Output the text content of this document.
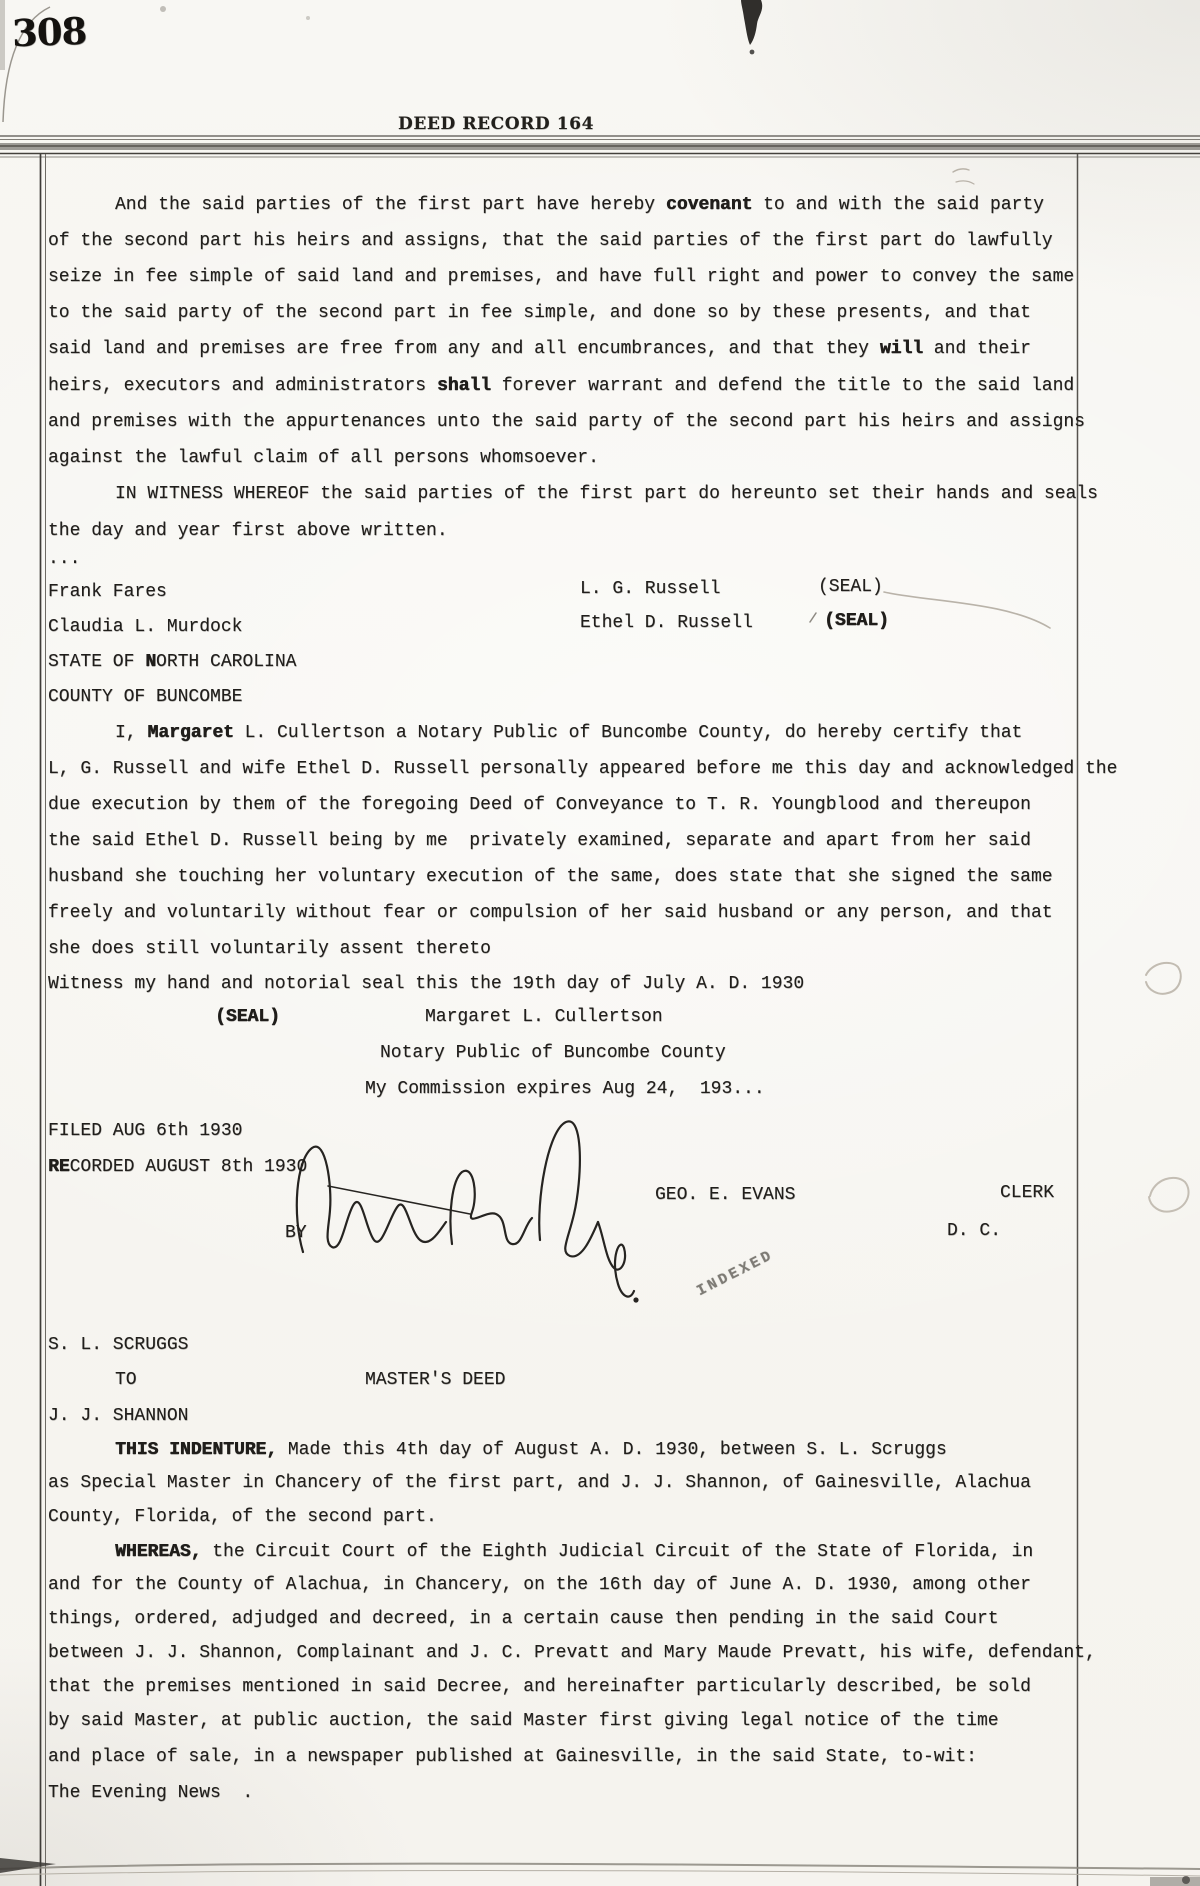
308
DEED RECORD 164
And the said parties of the first part have hereby covenant to and with the said party
of the second part his heirs and assigns, that the said parties of the first part do lawfully
seize in fee simple of said land and premises, and have full right and power to convey the same
to the said party of the second part in fee simple, and done so by these presents, and that
said land and premises are free from any and all encumbrances, and that they will and their
heirs, executors and administrators shall forever warrant and defend the title to the said land
and premises with the appurtenances unto the said party of the second part his heirs and assigns
against the lawful claim of all persons whomsoever.
IN WITNESS WHEREOF the said parties of the first part do hereunto set their hands and seals
the day and year first above written.
...
Frank Fares	L. G. Russell	(SEAL)
Claudia L. Murdock	Ethel D. Russell	(SEAL)
STATE OF NORTH CAROLINA
COUNTY OF BUNCOMBE
I, Margaret L. Cullertson a Notary Public of Buncombe County, do hereby certify that
L, G. Russell and wife Ethel D. Russell personally appeared before me this day and acknowledged the
due execution by them of the foregoing Deed of Conveyance to T. R. Youngblood and thereupon
the said Ethel D. Russell being by me  privately examined, separate and apart from her said
husband she touching her voluntary execution of the same, does state that she signed the same
freely and voluntarily without fear or compulsion of her said husband or any person, and that
she does still voluntarily assent thereto
Witness my hand and notorial seal this the 19th day of July A. D. 1930
(SEAL)	Margaret L. Cullertson
Notary Public of Buncombe County
My Commission expires Aug 24,  193...
FILED AUG 6th 1930
RECORDED AUGUST 8th 1930
GEO. E. EVANS	CLERK
BY	D. C.
S. L. SCRUGGS
TO	MASTER'S DEED
J. J. SHANNON
THIS INDENTURE, Made this 4th day of August A. D. 1930, between S. L. Scruggs
as Special Master in Chancery of the first part, and J. J. Shannon, of Gainesville, Alachua
County, Florida, of the second part.
WHEREAS, the Circuit Court of the Eighth Judicial Circuit of the State of Florida, in
and for the County of Alachua, in Chancery, on the 16th day of June A. D. 1930, among other
things, ordered, adjudged and decreed, in a certain cause then pending in the said Court
between J. J. Shannon, Complainant and J. C. Prevatt and Mary Maude Prevatt, his wife, defendant,
that the premises mentioned in said Decree, and hereinafter particularly described, be sold
by said Master, at public auction, the said Master first giving legal notice of the time
and place of sale, in a newspaper published at Gainesville, in the said State, to-wit:
The Evening News  .
INDEXED
